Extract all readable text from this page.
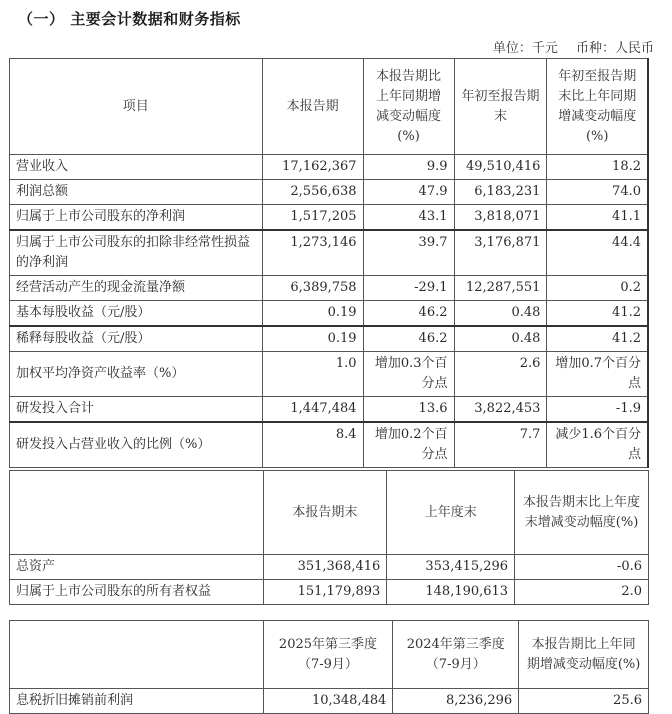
（一） 主要会计数据和财务指标
单位：千元 币种：人民币
项目	本报告期	本报告期比上年同期增减变动幅度(%)	年初至报告期末	年初至报告期末比上年同期增减变动幅度(%)
营业收入	17,162,367	9.9	49,510,416	18.2
利润总额	2,556,638	47.9	6,183,231	74.0
归属于上市公司股东的净利润	1,517,205	43.1	3,818,071	41.1
归属于上市公司股东的扣除非经常性损益的净利润	1,273,146	39.7	3,176,871	44.4
经营活动产生的现金流量净额	6,389,758	-29.1	12,287,551	0.2
基本每股收益（元/股）	0.19	46.2	0.48	41.2
稀释每股收益（元/股）	0.19	46.2	0.48	41.2
加权平均净资产收益率（%）	1.0	增加0.3个百分点	2.6	增加0.7个百分点
研发投入合计	1,447,484	13.6	3,822,453	-1.9
研发投入占营业收入的比例（%）	8.4	增加0.2个百分点	7.7	减少1.6个百分点
	本报告期末	上年度末	本报告期末比上年度末增减变动幅度(%)
总资产	351,368,416	353,415,296	-0.6
归属于上市公司股东的所有者权益	151,179,893	148,190,613	2.0
	2025年第三季度（7-9月）	2024年第三季度（7-9月）	本报告期比上年同期增减变动幅度(%)
息税折旧摊销前利润	10,348,484	8,236,296	25.6
